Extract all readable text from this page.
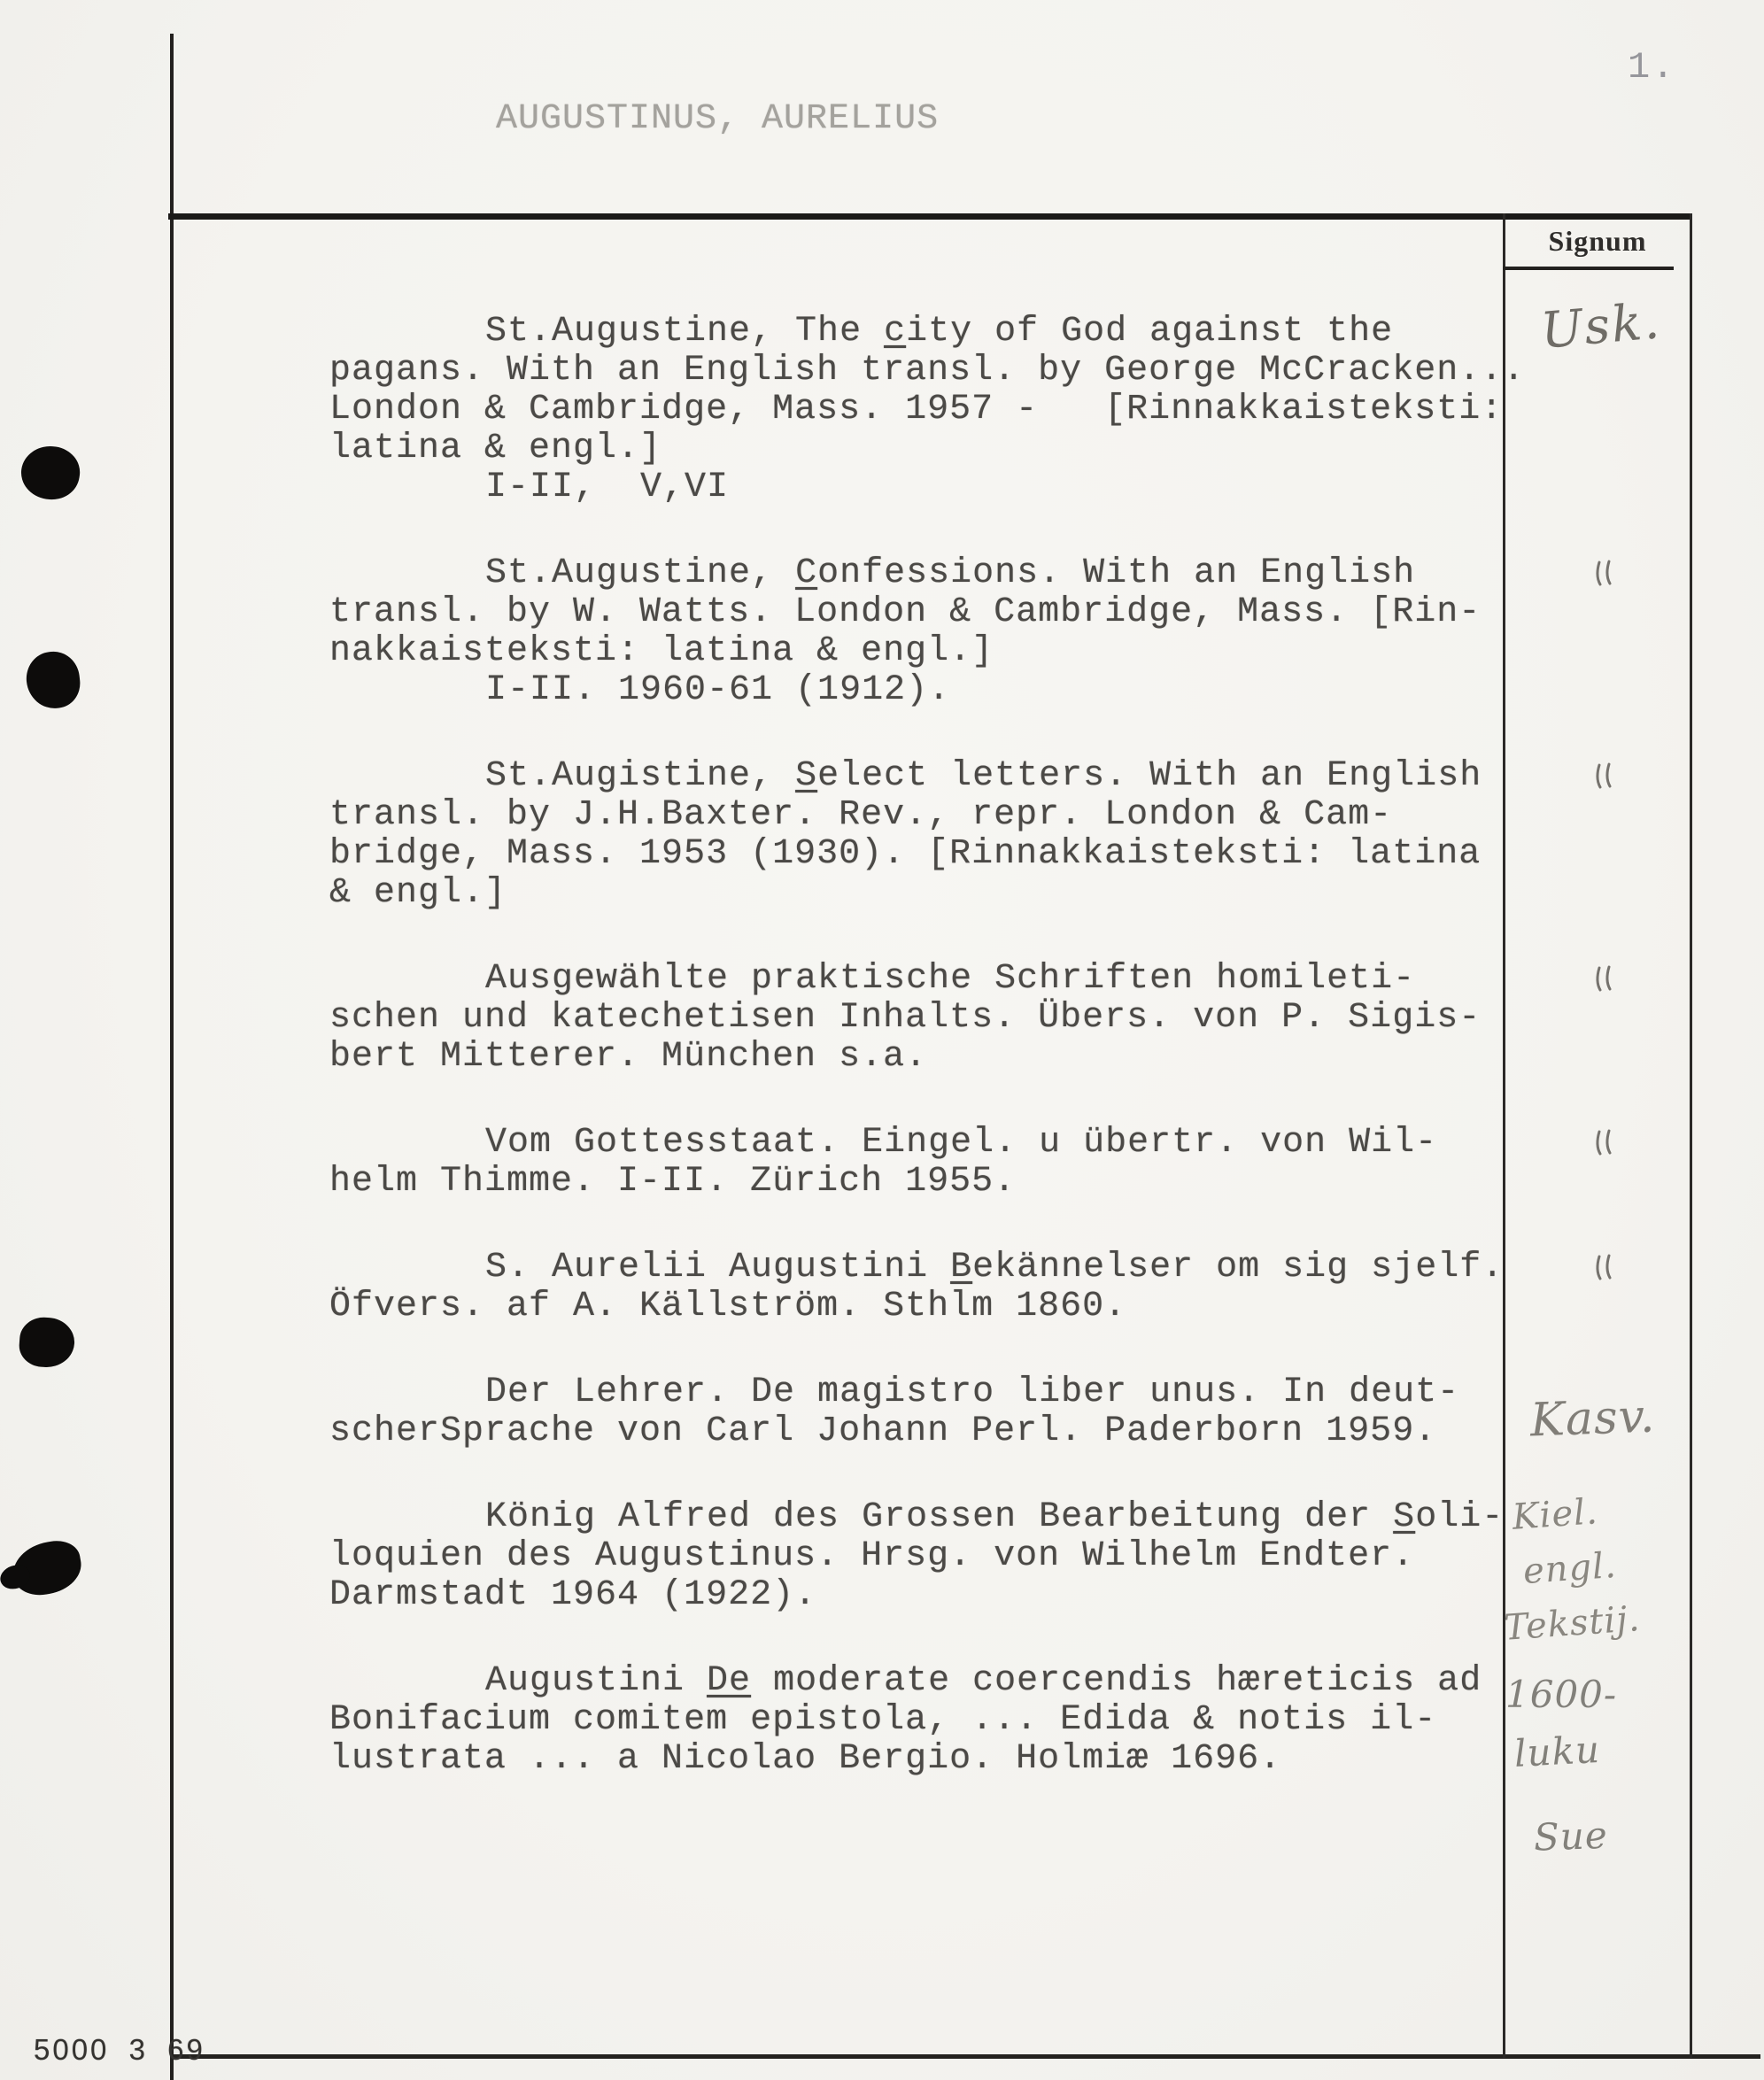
AUGUSTINUS, AURELIUS
1.
Signum
St.Augustine, The city of God against the
pagans. With an English transl. by George McCracken...
London & Cambridge, Mass. 1957 -   [Rinnakkaisteksti:
latina & engl.]
I-II,  V,VI
Usk.
St.Augustine, Confessions. With an English
transl. by W. Watts. London & Cambridge, Mass. [Rin-
nakkaisteksti: latina & engl.]
I-II. 1960-61 (1912).
St.Augistine, Select letters. With an English
transl. by J.H.Baxter. Rev., repr. London & Cam-
bridge, Mass. 1953 (1930). [Rinnakkaisteksti: latina
& engl.]
Ausgewählte praktische Schriften homileti-
schen und katechetisen Inhalts. Übers. von P. Sigis-
bert Mitterer. München s.a.
Vom Gottesstaat. Eingel. u übertr. von Wil-
helm Thimme. I-II. Zürich 1955.
S. Aurelii Augustini Bekännelser om sig sjelf.
Öfvers. af A. Källström. Sthlm 1860.
Der Lehrer. De magistro liber unus. In deut-
scherSprache von Carl Johann Perl. Paderborn 1959.	Kasv.
König Alfred des Grossen Bearbeitung der Soli-
loquien des Augustinus. Hrsg. von Wilhelm Endter.
Darmstadt 1964 (1922).
Kiel.
engl.
Tekstij.
Augustini De moderate coercendis hæreticis ad
Bonifacium comitem epistola, ... Edida & notis il-
lustrata ... a Nicolao Bergio. Holmiæ 1696.
1600-
luku
Sue
5000 3 69
